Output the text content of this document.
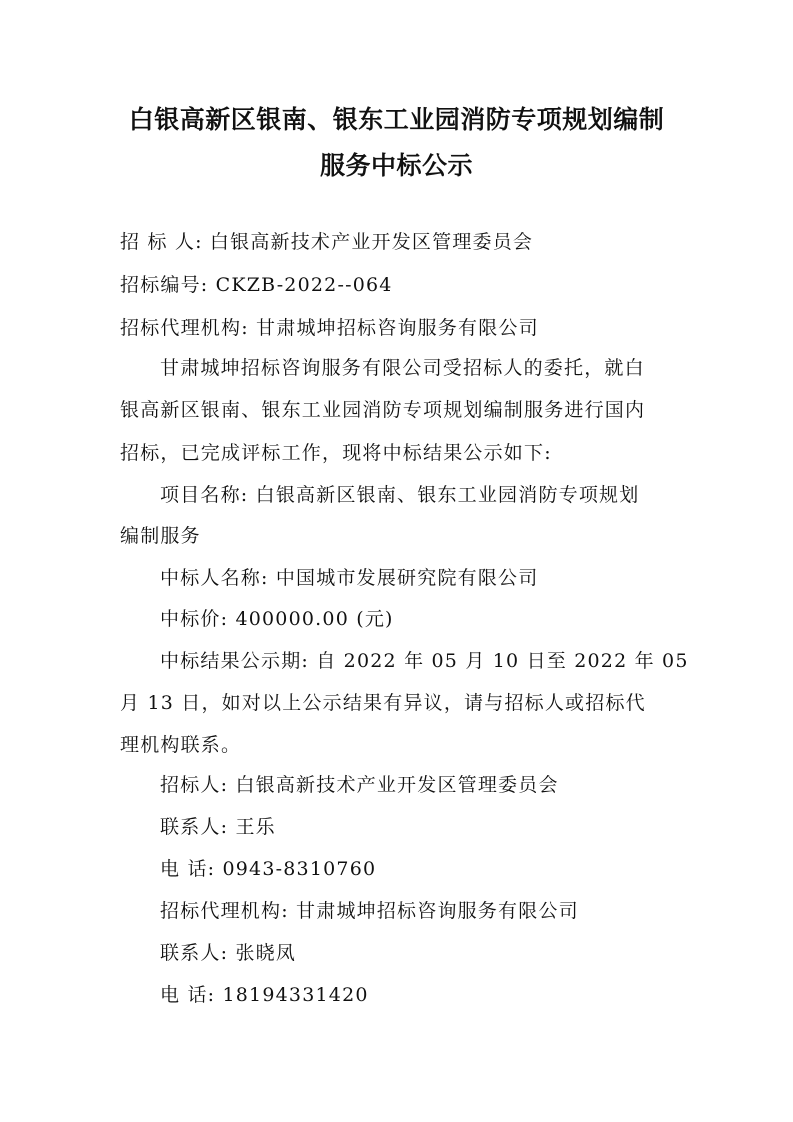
白银高新区银南、银东工业园消防专项规划编制
服务中标公示
招 标 人: 白银高新技术产业开发区管理委员会
招标编号: CKZB-2022--064
招标代理机构: 甘肃城坤招标咨询服务有限公司
甘肃城坤招标咨询服务有限公司受招标人的委托，就白
银高新区银南、银东工业园消防专项规划编制服务进行国内
招标，已完成评标工作，现将中标结果公示如下:
项目名称: 白银高新区银南、银东工业园消防专项规划
编制服务
中标人名称: 中国城市发展研究院有限公司
中标价: 400000.00 (元)
中标结果公示期: 自 2022 年 05 月 10 日至 2022 年 05
月 13 日，如对以上公示结果有异议，请与招标人或招标代
理机构联系。
招标人: 白银高新技术产业开发区管理委员会
联系人: 王乐
电 话: 0943-8310760
招标代理机构: 甘肃城坤招标咨询服务有限公司
联系人: 张晓凤
电 话: 18194331420
